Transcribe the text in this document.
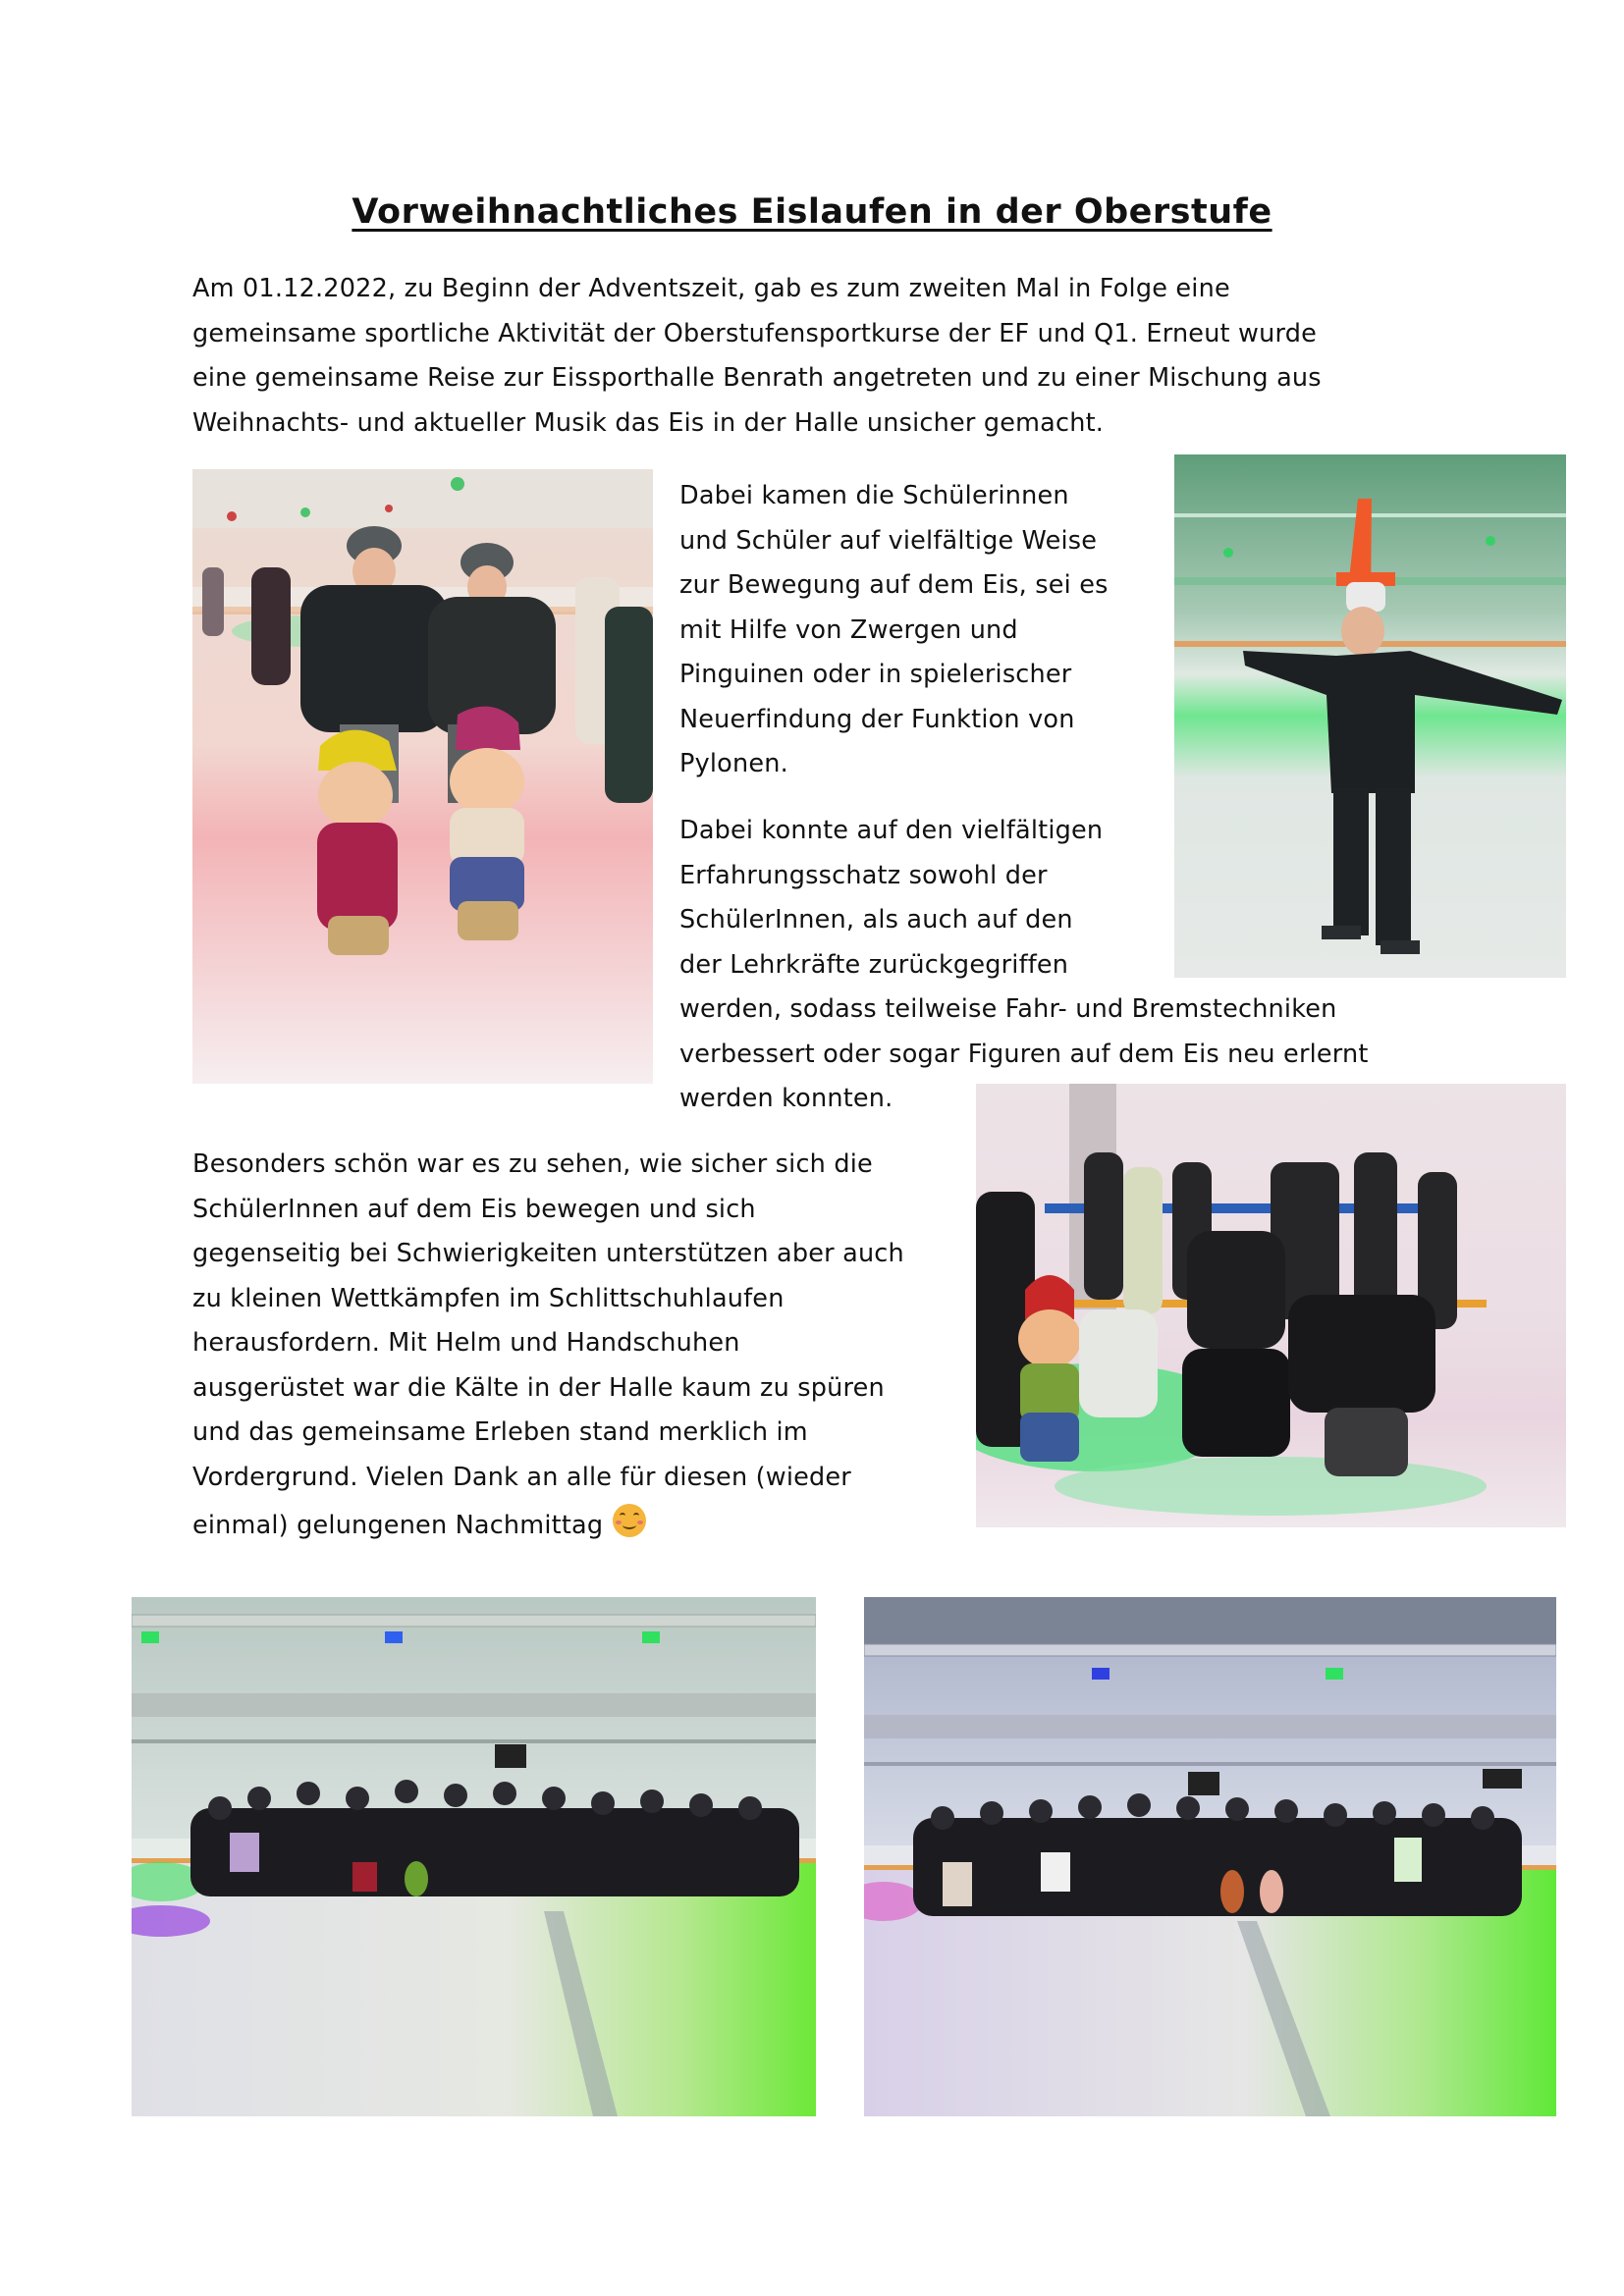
Vorweihnachtliches Eislaufen in der Oberstufe
Am 01.12.2022, zu Beginn der Adventszeit, gab es zum zweiten Mal in Folge eine
gemeinsame sportliche Aktivität der Oberstufensportkurse der EF und Q1. Erneut wurde
eine gemeinsame Reise zur Eissporthalle Benrath angetreten und zu einer Mischung aus
Weihnachts- und aktueller Musik das Eis in der Halle unsicher gemacht.
Dabei kamen die Schülerinnen
und Schüler auf vielfältige Weise
zur Bewegung auf dem Eis, sei es
mit Hilfe von Zwergen und
Pinguinen oder in spielerischer
Neuerfindung der Funktion von
Pylonen.
Dabei konnte auf den vielfältigen
Erfahrungsschatz sowohl der
SchülerInnen, als auch auf den
der Lehrkräfte zurückgegriffen
werden, sodass teilweise Fahr- und Bremstechniken
verbessert oder sogar Figuren auf dem Eis neu erlernt
werden konnten.
Besonders schön war es zu sehen, wie sicher sich die
SchülerInnen auf dem Eis bewegen und sich
gegenseitig bei Schwierigkeiten unterstützen aber auch
zu kleinen Wettkämpfen im Schlittschuhlaufen
herausfordern. Mit Helm und Handschuhen
ausgerüstet war die Kälte in der Halle kaum zu spüren
und das gemeinsame Erleben stand merklich im
Vordergrund. Vielen Dank an alle für diesen (wieder
einmal) gelungenen Nachmittag
